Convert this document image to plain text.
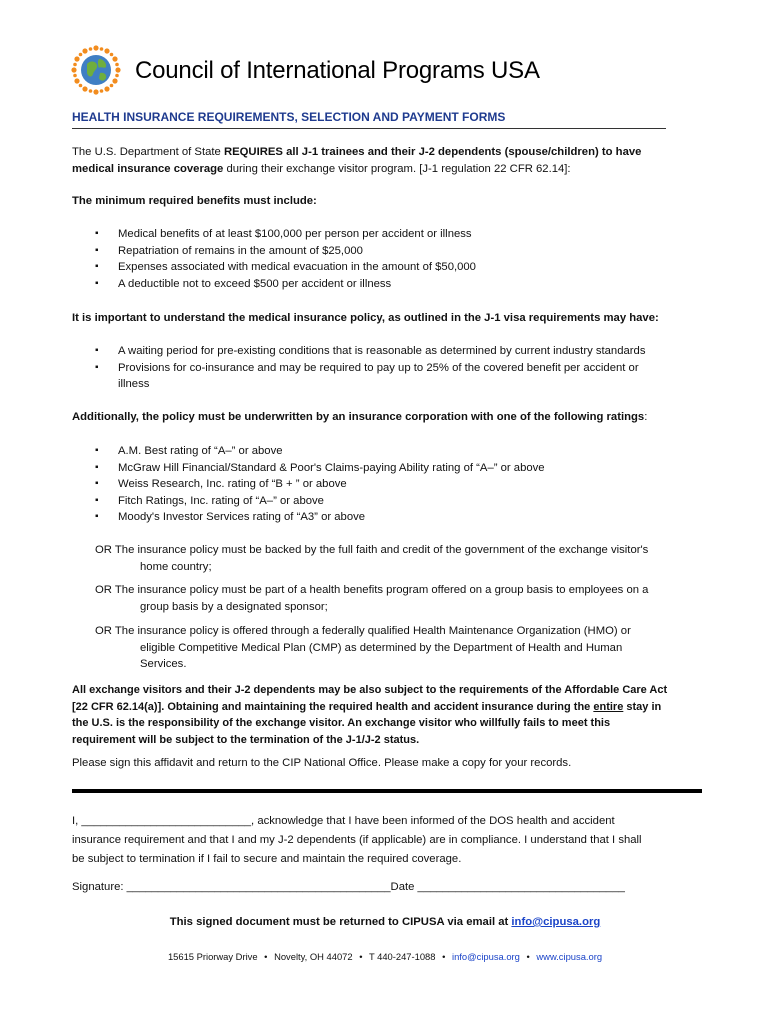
Council of International Programs USA
HEALTH INSURANCE REQUIREMENTS, SELECTION AND PAYMENT FORMS
The U.S. Department of State REQUIRES all J-1 trainees and their J-2 dependents (spouse/children) to have
medical insurance coverage during their exchange visitor program. [J-1 regulation 22 CFR 62.14]:
The minimum required benefits must include:
▪ Medical benefits of at least $100,000 per person per accident or illness
▪ Repatriation of remains in the amount of $25,000
▪ Expenses associated with medical evacuation in the amount of $50,000
▪ A deductible not to exceed $500 per accident or illness
It is important to understand the medical insurance policy, as outlined in the J-1 visa requirements may have:
▪ A waiting period for pre-existing conditions that is reasonable as determined by current industry standards
▪ Provisions for co-insurance and may be required to pay up to 25% of the covered benefit per accident or
illness
Additionally, the policy must be underwritten by an insurance corporation with one of the following ratings:
▪ A.M. Best rating of “A–” or above
▪ McGraw Hill Financial/Standard & Poor's Claims-paying Ability rating of “A–” or above
▪ Weiss Research, Inc. rating of “B + ” or above
▪ Fitch Ratings, Inc. rating of “A–” or above
▪ Moody's Investor Services rating of “A3” or above
OR The insurance policy must be backed by the full faith and credit of the government of the exchange visitor's
home country;
OR The insurance policy must be part of a health benefits program offered on a group basis to employees on a
group basis by a designated sponsor;
OR The insurance policy is offered through a federally qualified Health Maintenance Organization (HMO) or
eligible Competitive Medical Plan (CMP) as determined by the Department of Health and Human
Services.
All exchange visitors and their J-2 dependents may be also subject to the requirements of the Affordable Care Act
[22 CFR 62.14(a)]. Obtaining and maintaining the required health and accident insurance during the entire stay in
the U.S. is the responsibility of the exchange visitor. An exchange visitor who willfully fails to meet this
requirement will be subject to the termination of the J-1/J-2 status.
Please sign this affidavit and return to the CIP National Office. Please make a copy for your records.
I, ___________________________, acknowledge that I have been informed of the DOS health and accident
insurance requirement and that I and my J-2 dependents (if applicable) are in compliance. I understand that I shall
be subject to termination if I fail to secure and maintain the required coverage.
Signature: __________________________________________Date _________________________________
This signed document must be returned to CIPUSA via email at info@cipusa.org
15615 Priorway Drive • Novelty, OH 44072 • T 440-247-1088 • info@cipusa.org • www.cipusa.org
